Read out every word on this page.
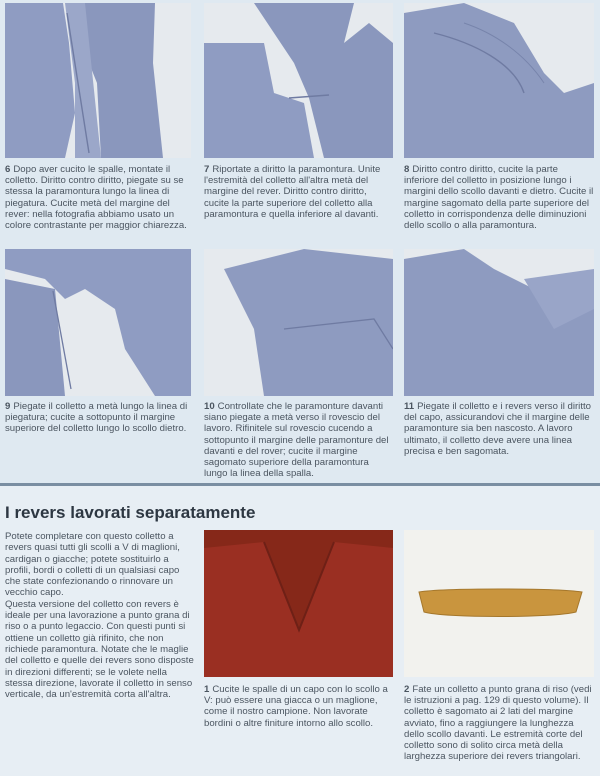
6 Dopo aver cucito le spalle, montate il colletto. Diritto contro diritto, piegate su se stessa la paramontura lungo la linea di piegatura. Cucite metà del margine del rever: nella fotografia abbiamo usato un colore contrastante per maggior chiarezza.
7 Riportate a diritto la paramontura. Unite l'estremità del colletto all'altra metà del margine del rever. Diritto contro diritto, cucite la parte superiore del colletto alla paramontura e quella inferiore al davanti.
8 Diritto contro diritto, cucite la parte inferiore del colletto in posizione lungo i margini dello scollo davanti e dietro. Cucite il margine sagomato della parte superiore del colletto in corrispondenza delle diminuzioni dello scollo o alla paramontura.
9 Piegate il colletto a metà lungo la linea di piegatura; cucite a sottopunto il margine superiore del colletto lungo lo scollo dietro.
10 Controllate che le paramonture davanti siano piegate a metà verso il rovescio del lavoro. Rifinitele sul rovescio cucendo a sottopunto il margine delle paramonture del davanti e del rover; cucite il margine sagomato superiore della paramontura lungo la linea della spalla.
11 Piegate il colletto e i revers verso il diritto del capo, assicurandovi che il margine delle paramonture sia ben nascosto. A lavoro ultimato, il colletto deve avere una linea precisa e ben sagomata.
I revers lavorati separatamente

Potete completare con questo colletto a revers quasi tutti gli scolli a V di maglioni, cardigan o giacche; potete sostituirlo a profili, bordi o colletti di un qualsiasi capo che state confezionando o rinnovare un vecchio capo.

Questa versione del colletto con revers è ideale per una lavorazione a punto grana di riso o a punto legaccio. Con questi punti si ottiene un colletto già rifinito, che non richiede paramontura. Notate che le maglie del colletto e quelle dei revers sono disposte in direzioni differenti; se le volete nella stessa direzione, lavorate il colletto in senso verticale, da un'estremità corta all'altra.	1 Cucite le spalle di un capo con lo scollo a V: può essere una giacca o un maglione, come il nostro campione. Non lavorate bordini o altre finiture intorno allo scollo.
2 Fate un colletto a punto grana di riso (vedi le istruzioni a pag. 129 di questo volume). Il colletto è sagomato ai 2 lati del margine avviato, fino a raggiungere la lunghezza dello scollo davanti. Le estremità corte del colletto sono di solito circa metà della larghezza superiore dei revers triangolari.
